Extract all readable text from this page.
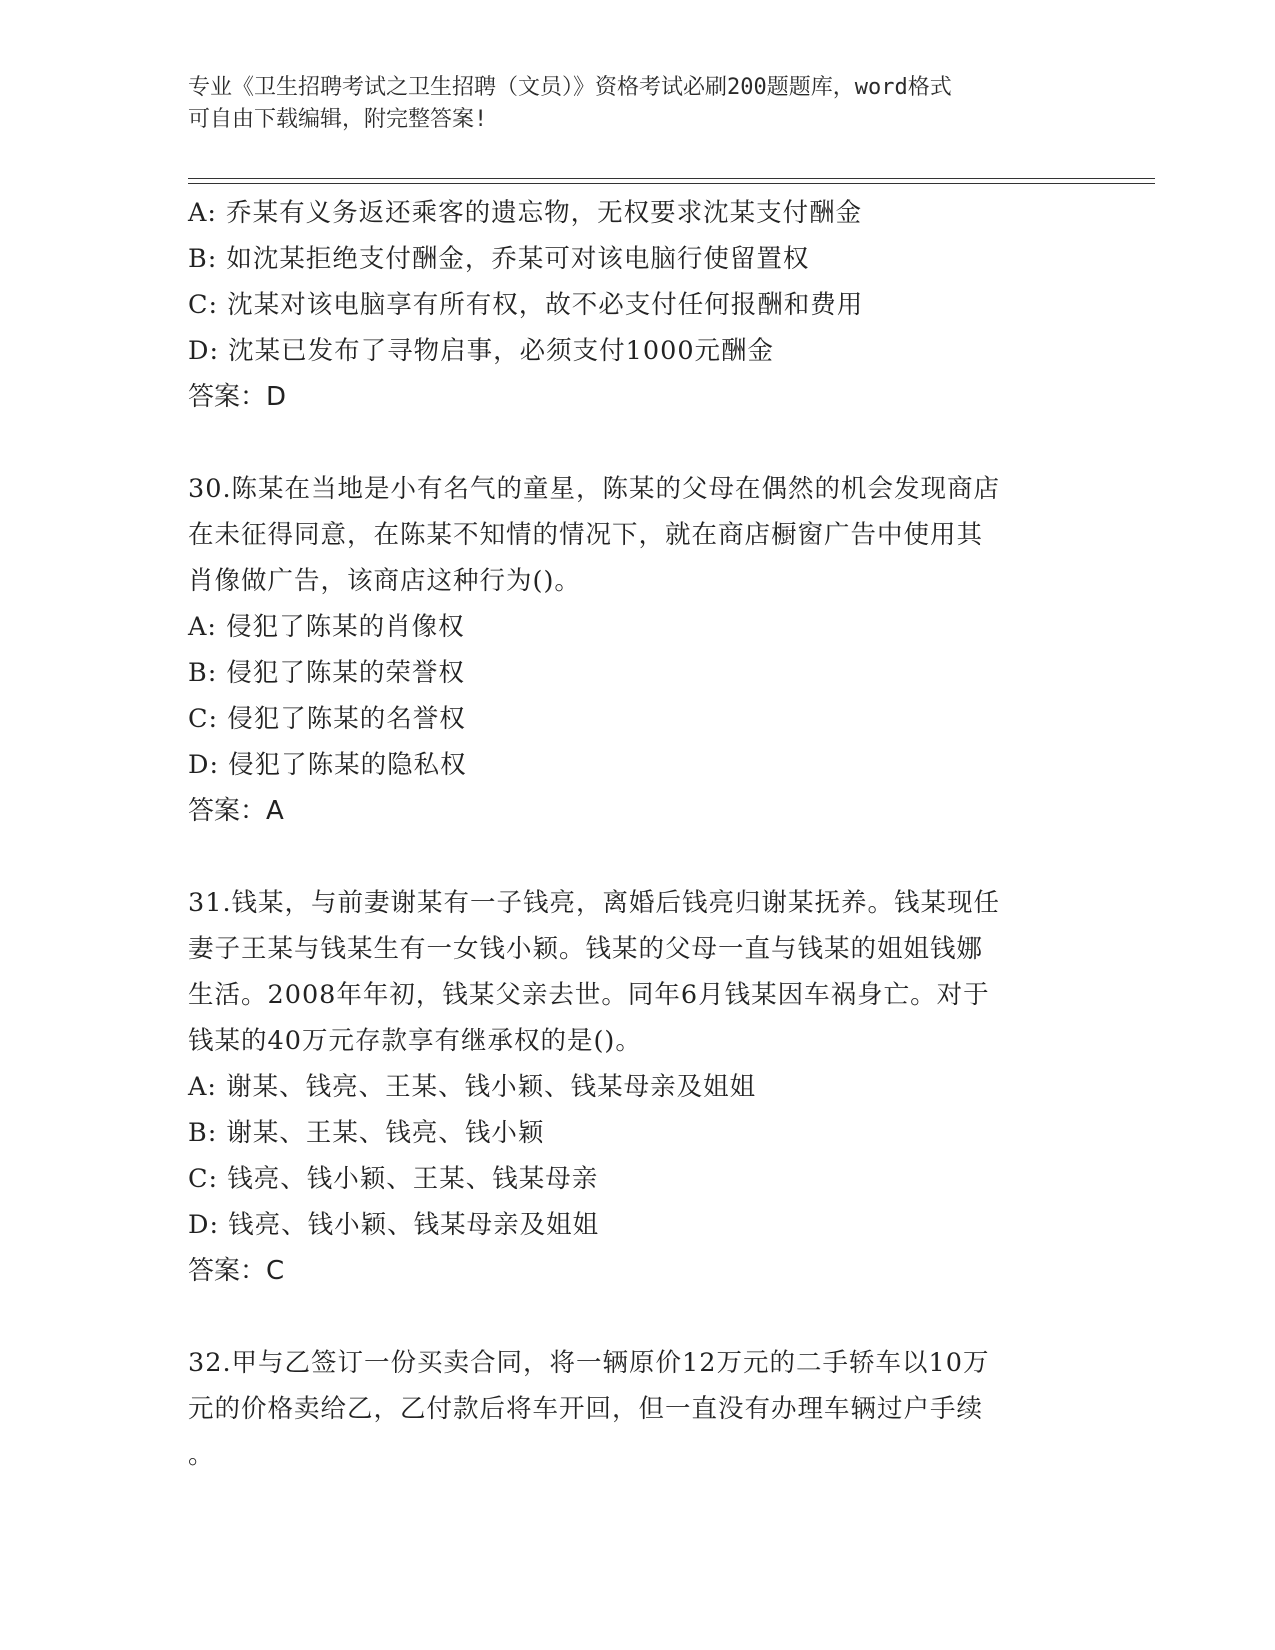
专业《卫生招聘考试之卫生招聘（文员）》资格考试必刷200题题库，word格式
可自由下载编辑，附完整答案!
A: 乔某有义务返还乘客的遗忘物，无权要求沈某支付酬金
B: 如沈某拒绝支付酬金，乔某可对该电脑行使留置权
C: 沈某对该电脑享有所有权，故不必支付任何报酬和费用
D: 沈某已发布了寻物启事，必须支付1000元酬金
答案：D
30.陈某在当地是小有名气的童星，陈某的父母在偶然的机会发现商店
在未征得同意，在陈某不知情的情况下，就在商店橱窗广告中使用其
肖像做广告，该商店这种行为()。
A: 侵犯了陈某的肖像权
B: 侵犯了陈某的荣誉权
C: 侵犯了陈某的名誉权
D: 侵犯了陈某的隐私权
答案：A
31.钱某，与前妻谢某有一子钱亮，离婚后钱亮归谢某抚养。钱某现任
妻子王某与钱某生有一女钱小颖。钱某的父母一直与钱某的姐姐钱娜
生活。2008年年初，钱某父亲去世。同年6月钱某因车祸身亡。对于
钱某的40万元存款享有继承权的是()。
A: 谢某、钱亮、王某、钱小颖、钱某母亲及姐姐
B: 谢某、王某、钱亮、钱小颖
C: 钱亮、钱小颖、王某、钱某母亲
D: 钱亮、钱小颖、钱某母亲及姐姐
答案：C
32.甲与乙签订一份买卖合同，将一辆原价12万元的二手轿车以10万
元的价格卖给乙，乙付款后将车开回，但一直没有办理车辆过户手续
。
